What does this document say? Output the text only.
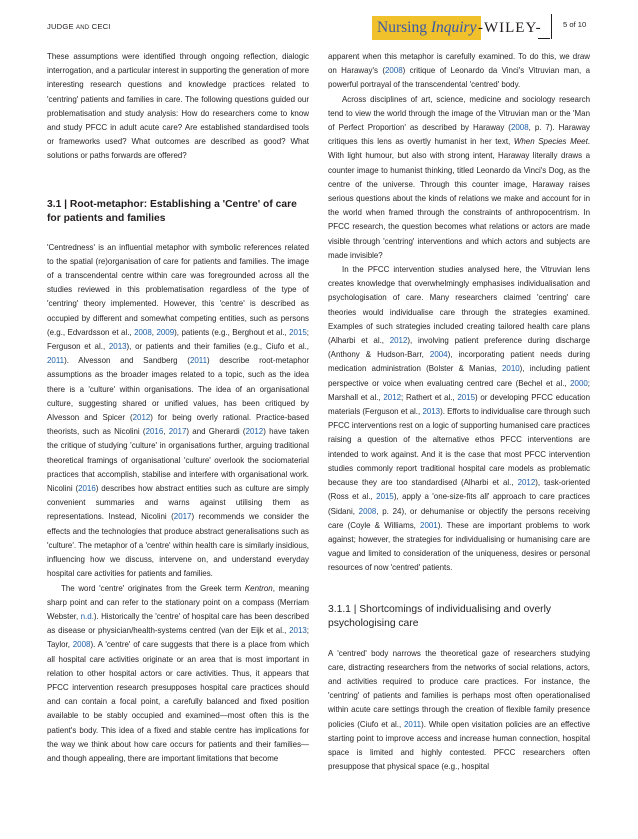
JUDGE AND CECI	Nursing Inquiry -WILEY-	5 of 10

These assumptions were identified through ongoing reflection, dialogic interrogation, and a particular interest in supporting the generation of more interesting research questions and knowledge practices related to 'centring' patients and families in care. The following questions guided our problematisation and study analysis: How do researchers come to know and study PFCC in adult acute care? Are established standardised tools or frameworks used? What outcomes are described as good? What solutions or paths forwards are offered?

3.1 | Root-metaphor: Establishing a 'Centre' of care for patients and families

'Centredness' is an influential metaphor with symbolic references related to the spatial (re)organisation of care for patients and families. The image of a transcendental centre within care was foregrounded across all the studies reviewed in this problematisation regardless of the type of 'centring' theory implemented. However, this 'centre' is described as occupied by different and somewhat competing entities, such as persons (e.g., Edvardsson et al., 2008, 2009), patients (e.g., Berghout et al., 2015; Ferguson et al., 2013), or patients and their families (e.g., Ciufo et al., 2011). Alvesson and Sandberg (2011) describe root-metaphor assumptions as the broader images related to a topic, such as the idea there is a 'culture' within organisations. The idea of an organisational culture, suggesting shared or unified values, has been critiqued by Alvesson and Spicer (2012) for being overly rational. Practice-based theorists, such as Nicolini (2016, 2017) and Gherardi (2012) have taken the critique of studying 'culture' in organisations further, arguing traditional theoretical framings of organisational 'culture' overlook the sociomaterial practices that accomplish, stabilise and interfere with organisational work. Nicolini (2016) describes how abstract entities such as culture are simply convenient summaries and warns against utilising them as representations. Instead, Nicolini (2017) recommends we consider the effects and the technologies that produce abstract generalisations such as 'culture'. The metaphor of a 'centre' within health care is similarly insidious, influencing how we discuss, intervene on, and understand everyday hospital care activities for patients and families.

The word 'centre' originates from the Greek term Kentron, meaning sharp point and can refer to the stationary point on a compass (Merriam Webster, n.d.). Historically the 'centre' of hospital care has been described as disease or physician/health-systems centred (van der Eijk et al., 2013; Taylor, 2008). A 'centre' of care suggests that there is a place from which all hospital care activities originate or an area that is most important in relation to other hospital actors or care activities. Thus, it appears that PFCC intervention research presupposes hospital care practices should and can contain a focal point, a carefully balanced and fixed position available to be stably occupied and examined—most often this is the patient's body. This idea of a fixed and stable centre has implications for the way we think about how care occurs for patients and their families—and though appealing, there are important limitations that become

apparent when this metaphor is carefully examined. To do this, we draw on Haraway's (2008) critique of Leonardo da Vinci's Vitruvian man, a powerful portrayal of the transcendental 'centred' body.

Across disciplines of art, science, medicine and sociology research tend to view the world through the image of the Vitruvian man or the 'Man of Perfect Proportion' as described by Haraway (2008, p. 7). Haraway critiques this lens as overtly humanist in her text, When Species Meet. With light humour, but also with strong intent, Haraway literally draws a counter image to humanist thinking, titled Leonardo da Vinci's Dog, as the centre of the universe. Through this counter image, Haraway raises serious questions about the kinds of relations we make and account for in the world when framed through the constraints of anthropocentrism. In PFCC research, the question becomes what relations or actors are made visible through 'centring' interventions and which actors and subjects are made invisible?

In the PFCC intervention studies analysed here, the Vitruvian lens creates knowledge that overwhelmingly emphasises individualisation and psychologisation of care. Many researchers claimed 'centring' care theories would individualise care through the strategies examined. Examples of such strategies included creating tailored health care plans (Alharbi et al., 2012), involving patient preference during discharge (Anthony & Hudson-Barr, 2004), incorporating patient needs during medication administration (Bolster & Manias, 2010), including patient perspective or voice when evaluating centred care (Bechel et al., 2000; Marshall et al., 2012; Rathert et al., 2015) or developing PFCC education materials (Ferguson et al., 2013). Efforts to individualise care through such PFCC interventions rest on a logic of supporting humanised care practices raising a question of the alternative ethos PFCC interventions are intended to work against. And it is the case that most PFCC intervention studies commonly report traditional hospital care models as problematic because they are too standardised (Alharbi et al., 2012), task-oriented (Ross et al., 2015), apply a 'one-size-fits all' approach to care practices (Sidani, 2008, p. 24), or dehumanise or objectify the persons receiving care (Coyle & Williams, 2001). These are important problems to work against; however, the strategies for individualising or humanising care are vague and limited to consideration of the uniqueness, desires or personal resources of now 'centred' patients.

3.1.1 | Shortcomings of individualising and overly psychologising care

A 'centred' body narrows the theoretical gaze of researchers studying care, distracting researchers from the networks of social relations, actors, and activities required to produce care practices. For instance, the 'centring' of patients and families is perhaps most often operationalised within acute care settings through the creation of flexible family presence policies (Ciufo et al., 2011). While open visitation policies are an effective starting point to improve access and increase human connection, hospital space is limited and highly contested. PFCC researchers often presuppose that physical space (e.g., hospital
